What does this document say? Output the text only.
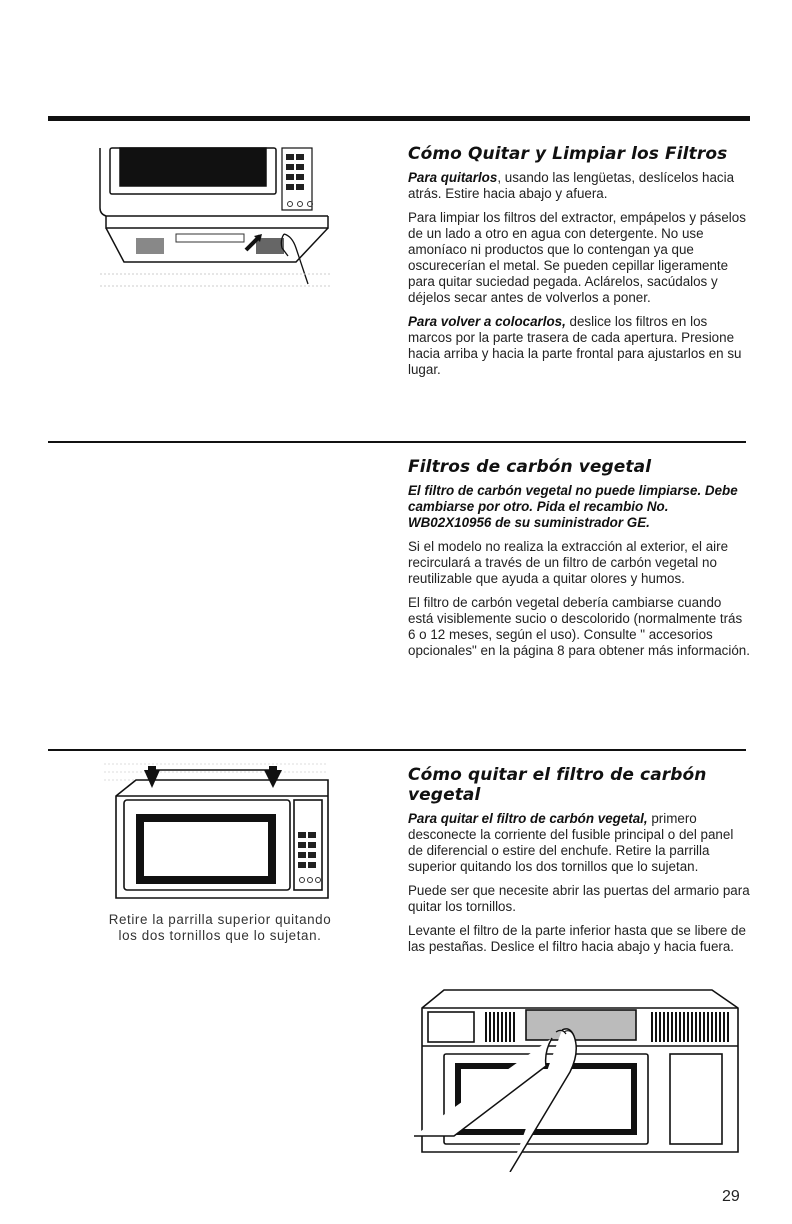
Cómo Quitar y Limpiar los Filtros

Para quitarlos, usando las lengüetas, deslícelos hacia atrás. Estire hacia abajo y afuera.

Para limpiar los filtros del extractor, empápelos y páselos de un lado a otro en agua con detergente. No use amoníaco ni productos que lo contengan ya que oscurecerían el metal. Se pueden cepillar ligeramente para quitar suciedad pegada. Aclárelos, sacúdalos y déjelos secar antes de volverlos a poner.

Para volver a colocarlos, deslice los filtros en los marcos por la parte trasera de cada apertura. Presione hacia arriba y hacia la parte frontal para ajustarlos en su lugar.

Filtros de carbón vegetal

El filtro de carbón vegetal no puede limpiarse. Debe cambiarse por otro. Pida el recambio No. WB02X10956 de su suministrador GE.

Si el modelo no realiza la extracción al exterior, el aire recirculará a través de un filtro de carbón vegetal no reutilizable que ayuda a quitar olores y humos.

El filtro de carbón vegetal debería cambiarse cuando está visiblemente sucio o descolorido (normalmente trás 6 o 12 meses, según el uso). Consulte " accesorios opcionales" en la página 8 para obtener más información.

Retire la parrilla superior quitando los dos tornillos que lo sujetan.
Cómo quitar el filtro de carbón vegetal

Para quitar el filtro de carbón vegetal, primero desconecte la corriente del fusible principal o del panel de diferencial o estire del enchufe. Retire la parrilla superior quitando los dos tornillos que lo sujetan.

Puede ser que necesite abrir las puertas del armario para quitar los tornillos.

Levante el filtro de la parte inferior hasta que se libere de las pestañas. Deslice el filtro hacia abajo y hacia fuera.

29
